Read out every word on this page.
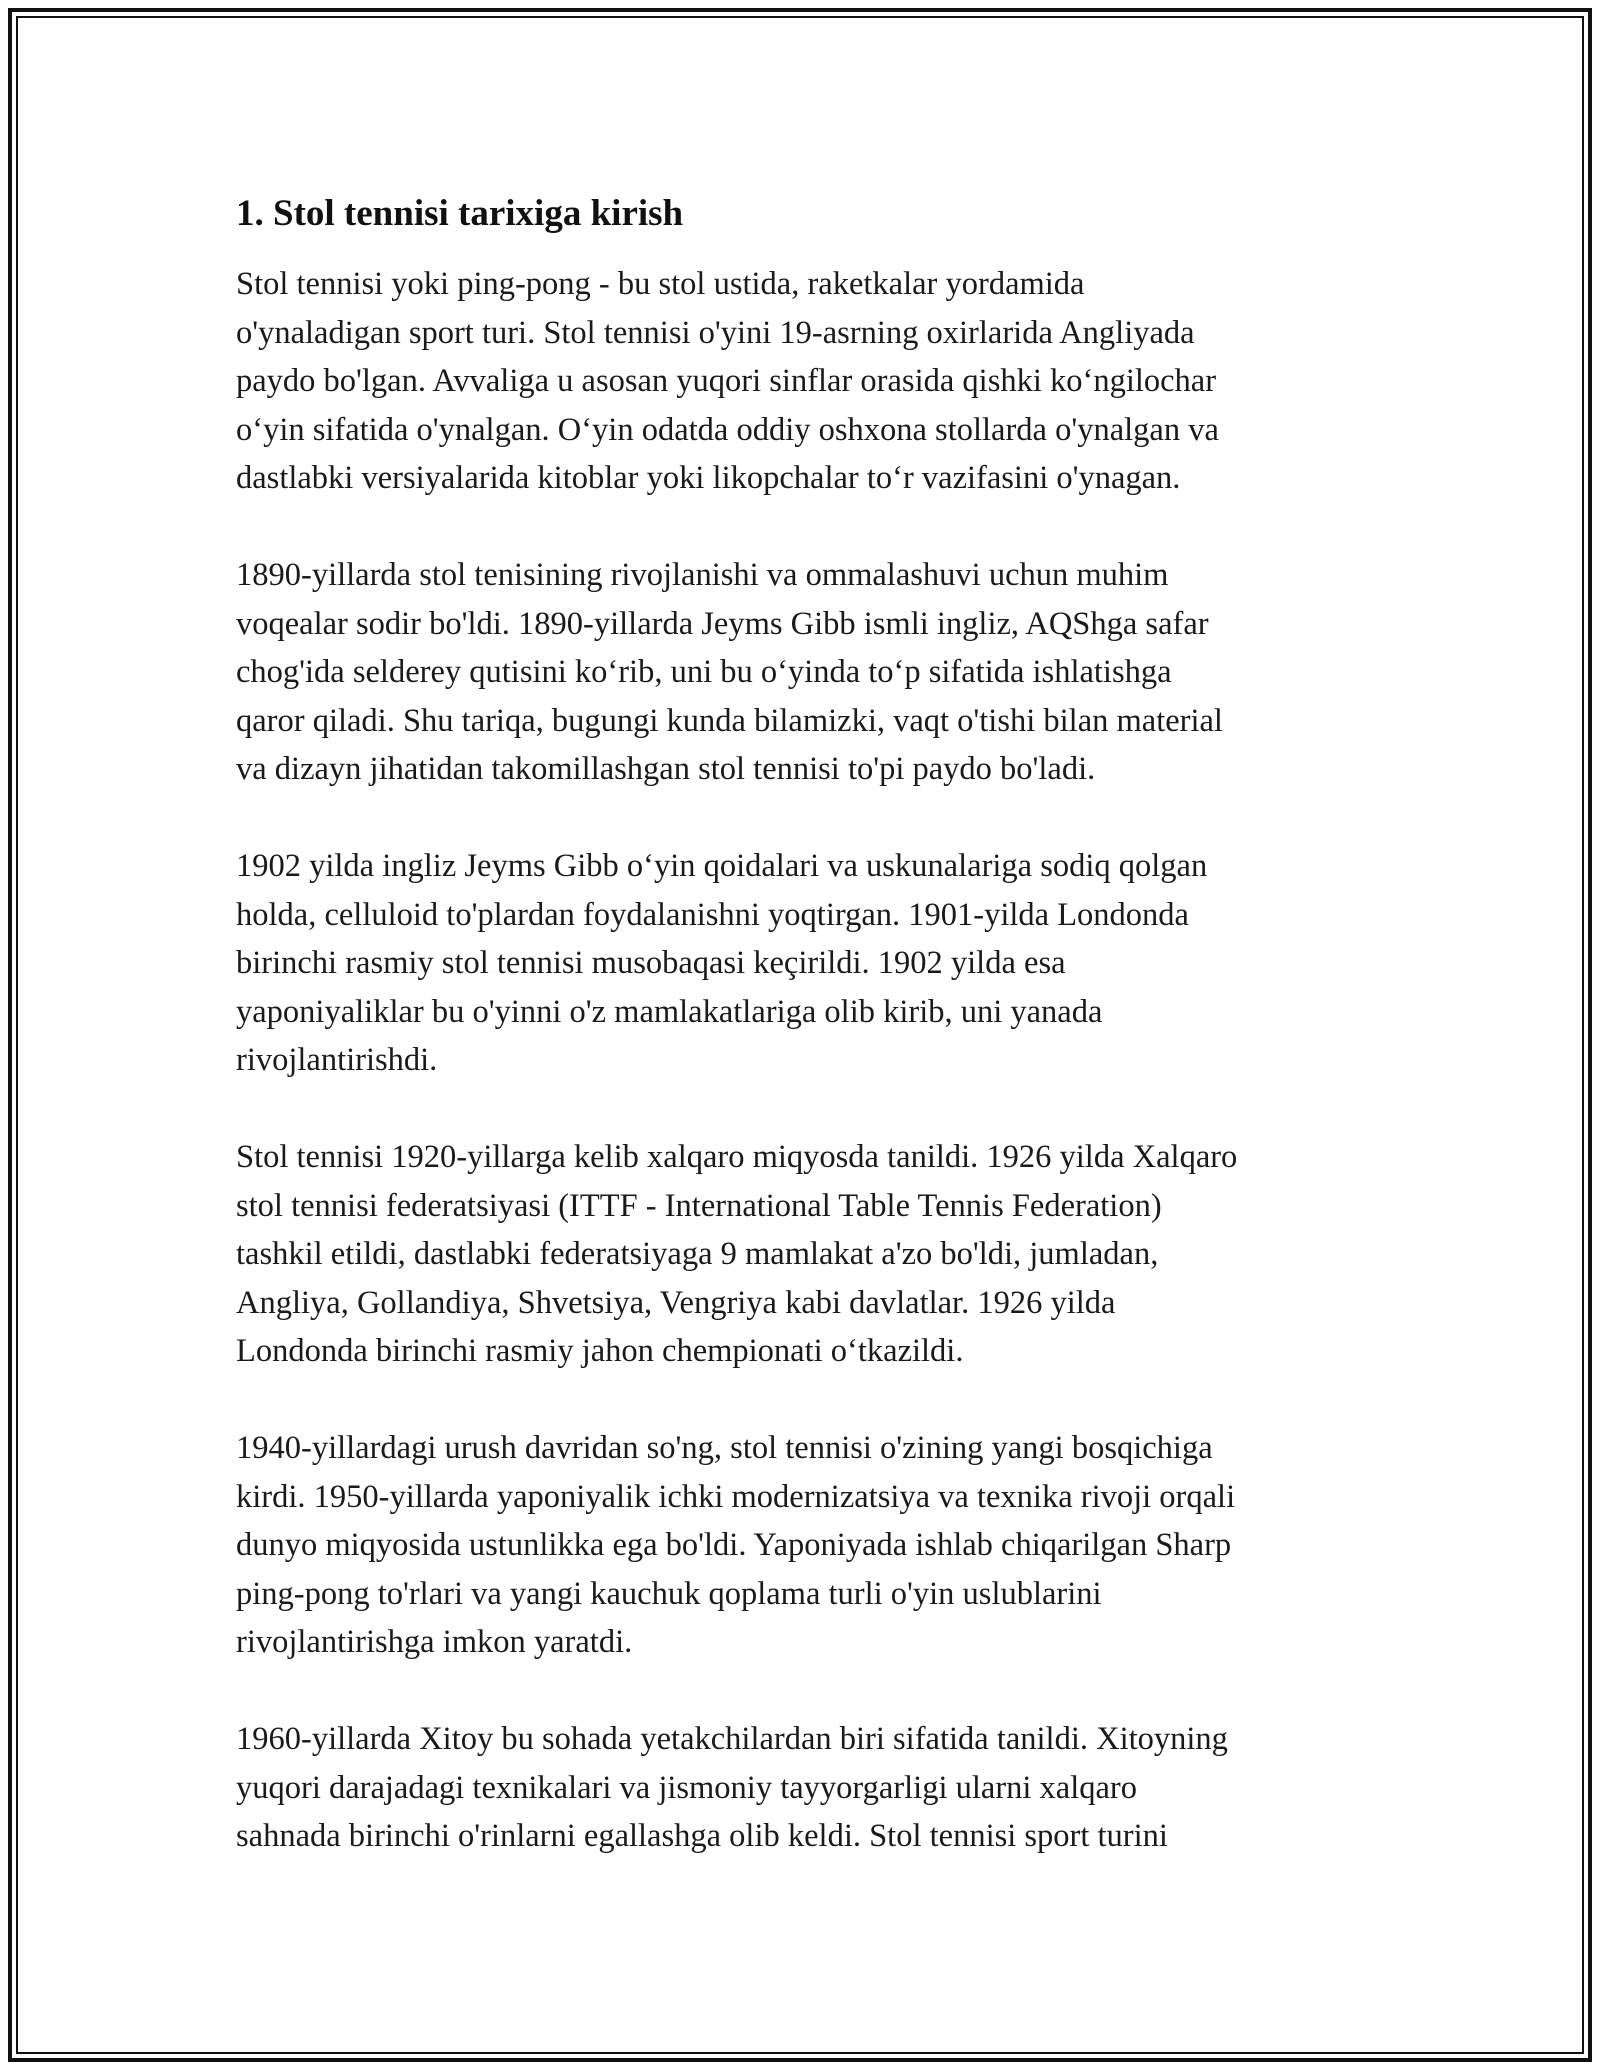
1. Stol tennisi tarixiga kirish

Stol tennisi yoki ping-pong - bu stol ustida, raketkalar yordamida
o'ynaladigan sport turi. Stol tennisi o'yini 19-asrning oxirlarida Angliyada
paydo bo'lgan. Avvaliga u asosan yuqori sinflar orasida qishki ko‘ngilochar
o‘yin sifatida o'ynalgan. O‘yin odatda oddiy oshxona stollarda o'ynalgan va
dastlabki versiyalarida kitoblar yoki likopchalar to‘r vazifasini o'ynagan.

1890-yillarda stol tenisining rivojlanishi va ommalashuvi uchun muhim
voqealar sodir bo'ldi. 1890-yillarda Jeyms Gibb ismli ingliz, AQShga safar
chog'ida selderey qutisini ko‘rib, uni bu o‘yinda to‘p sifatida ishlatishga
qaror qiladi. Shu tariqa, bugungi kunda bilamizki, vaqt o'tishi bilan material
va dizayn jihatidan takomillashgan stol tennisi to'pi paydo bo'ladi.

1902 yilda ingliz Jeyms Gibb o‘yin qoidalari va uskunalariga sodiq qolgan
holda, celluloid to'plardan foydalanishni yoqtirgan. 1901-yilda Londonda
birinchi rasmiy stol tennisi musobaqasi keçirildi. 1902 yilda esa
yaponiyaliklar bu o'yinni o'z mamlakatlariga olib kirib, uni yanada
rivojlantirishdi.

Stol tennisi 1920-yillarga kelib xalqaro miqyosda tanildi. 1926 yilda Xalqaro
stol tennisi federatsiyasi (ITTF - International Table Tennis Federation)
tashkil etildi, dastlabki federatsiyaga 9 mamlakat a'zo bo'ldi, jumladan,
Angliya, Gollandiya, Shvetsiya, Vengriya kabi davlatlar. 1926 yilda
Londonda birinchi rasmiy jahon chempionati o‘tkazildi.

1940-yillardagi urush davridan so'ng, stol tennisi o'zining yangi bosqichiga
kirdi. 1950-yillarda yaponiyalik ichki modernizatsiya va texnika rivoji orqali
dunyo miqyosida ustunlikka ega bo'ldi. Yaponiyada ishlab chiqarilgan Sharp
ping-pong to'rlari va yangi kauchuk qoplama turli o'yin uslublarini
rivojlantirishga imkon yaratdi.

1960-yillarda Xitoy bu sohada yetakchilardan biri sifatida tanildi. Xitoyning
yuqori darajadagi texnikalari va jismoniy tayyorgarligi ularni xalqaro
sahnada birinchi o'rinlarni egallashga olib keldi. Stol tennisi sport turini
